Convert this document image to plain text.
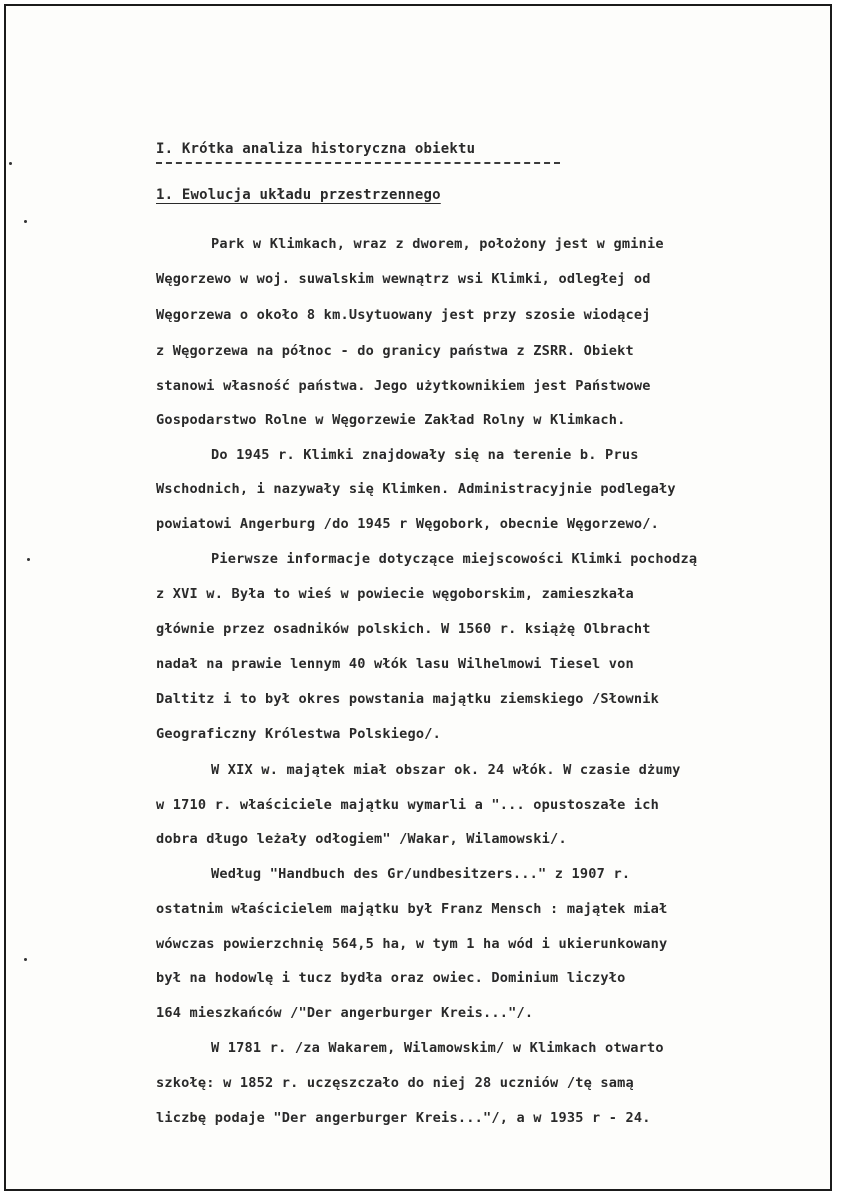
I. Krótka analiza historyczna obiektu
1. Ewolucja układu przestrzennego
Park w Klimkach, wraz z dworem, położony jest w gminie
Węgorzewo w woj. suwalskim wewnątrz wsi Klimki, odległej od
Węgorzewa o około 8 km.Usytuowany jest przy szosie wiodącej
z Węgorzewa na północ - do granicy państwa z ZSRR. Obiekt
stanowi własność państwa. Jego użytkownikiem jest Państwowe
Gospodarstwo Rolne w Węgorzewie Zakład Rolny w Klimkach.
Do 1945 r. Klimki znajdowały się na terenie b. Prus
Wschodnich, i nazywały się Klimken. Administracyjnie podlegały
powiatowi Angerburg /do 1945 r Węgobork, obecnie Węgorzewo/.
Pierwsze informacje dotyczące miejscowości Klimki pochodzą
z XVI w. Była to wieś w powiecie węgoborskim, zamieszkała
głównie przez osadników polskich. W 1560 r. książę Olbracht
nadał na prawie lennym 40 włók lasu Wilhelmowi Tiesel von
Daltitz i to był okres powstania majątku ziemskiego /Słownik
Geograficzny Królestwa Polskiego/.
W XIX w. majątek miał obszar ok. 24 włók. W czasie dżumy
w 1710 r. właściciele majątku wymarli a "... opustoszałe ich
dobra długo leżały odłogiem" /Wakar, Wilamowski/.
Według "Handbuch des Gr/undbesitzers..." z 1907 r.
ostatnim właścicielem majątku był Franz Mensch : majątek miał
wówczas powierzchnię 564,5 ha, w tym 1 ha wód i ukierunkowany
był na hodowlę i tucz bydła oraz owiec. Dominium liczyło
164 mieszkańców /"Der angerburger Kreis..."/.
W 1781 r. /za Wakarem, Wilamowskim/ w Klimkach otwarto
szkołę: w 1852 r. uczęszczało do niej 28 uczniów /tę samą
liczbę podaje "Der angerburger Kreis..."/, a w 1935 r - 24.
